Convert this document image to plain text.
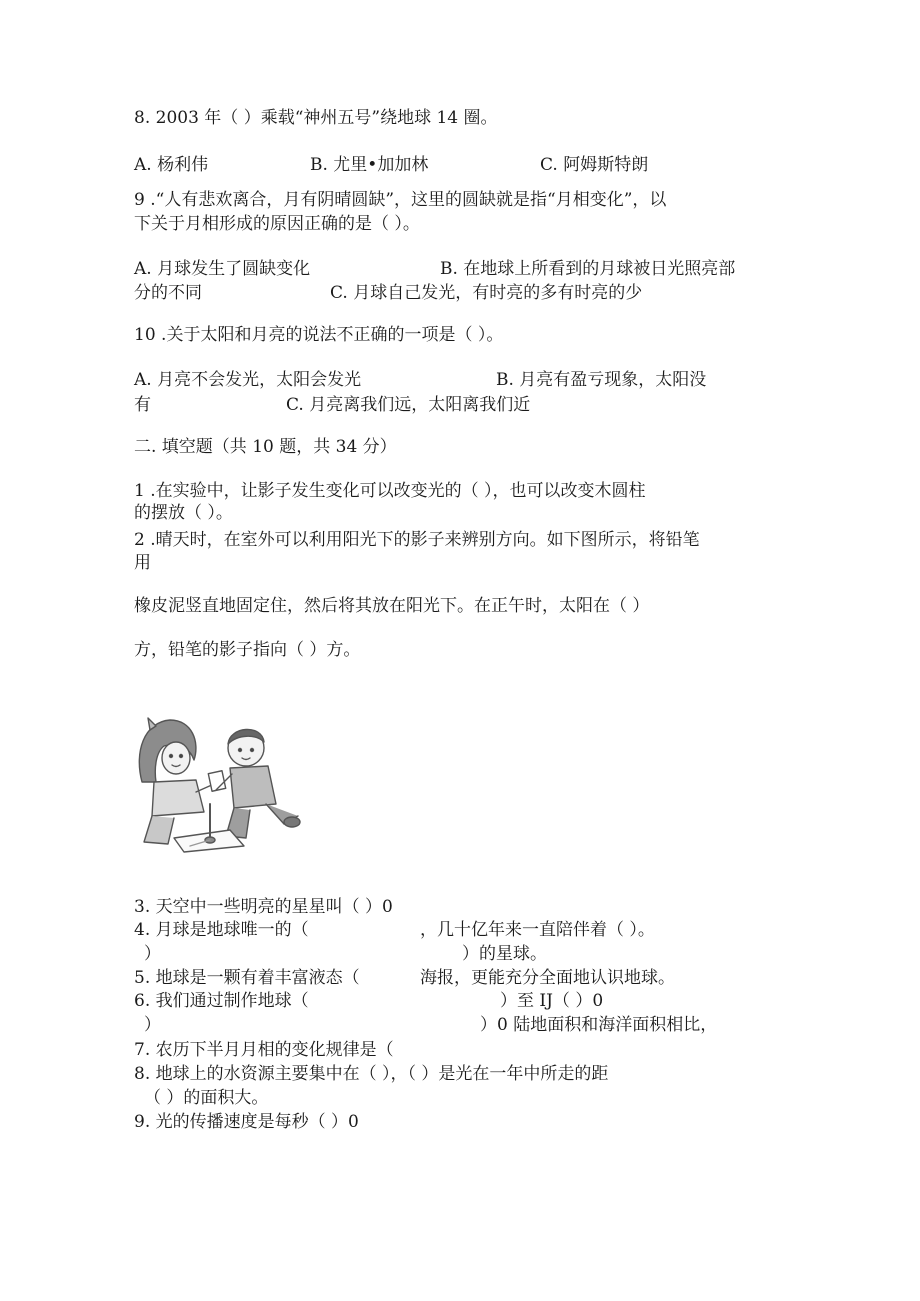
8. 2003 年（ ）乘载“神州五号”绕地球 14 圈。
A. 杨利伟	B. 尤里•加加林	C. 阿姆斯特朗
9 .“人有悲欢离合，月有阴晴圆缺”，这里的圆缺就是指“月相变化”，以
下关于月相形成的原因正确的是（ ）。
A. 月球发生了圆缺变化	B. 在地球上所看到的月球被日光照亮部
分的不同	C. 月球自己发光，有时亮的多有时亮的少
10 .关于太阳和月亮的说法不正确的一项是（ ）。
A. 月亮不会发光，太阳会发光	B. 月亮有盈亏现象，太阳没
有	C. 月亮离我们远，太阳离我们近
二. 填空题（共 10 题，共 34 分）
1 .在实验中，让影子发生变化可以改变光的（ ），也可以改变木圆柱
的摆放（ ）。
2 .晴天时，在室外可以利用阳光下的影子来辨别方向。如下图所示，将铅笔
用
橡皮泥竖直地固定住，然后将其放在阳光下。在正午时，太阳在（ ）
方，铅笔的影子指向（ ）方。
3. 天空中一些明亮的星星叫（ ）0
4. 月球是地球唯一的（	，几十亿年来一直陪伴着（ ）。
）	）的星球。
5. 地球是一颗有着丰富液态（	海报，更能充分全面地认识地球。
6. 我们通过制作地球（	）至 IJ（ ）0
）	）0 陆地面积和海洋面积相比，
7. 农历下半月月相的变化规律是（
8. 地球上的水资源主要集中在（ ），（ ）是光在一年中所走的距
（ ）的面积大。
9. 光的传播速度是每秒（ ）0
